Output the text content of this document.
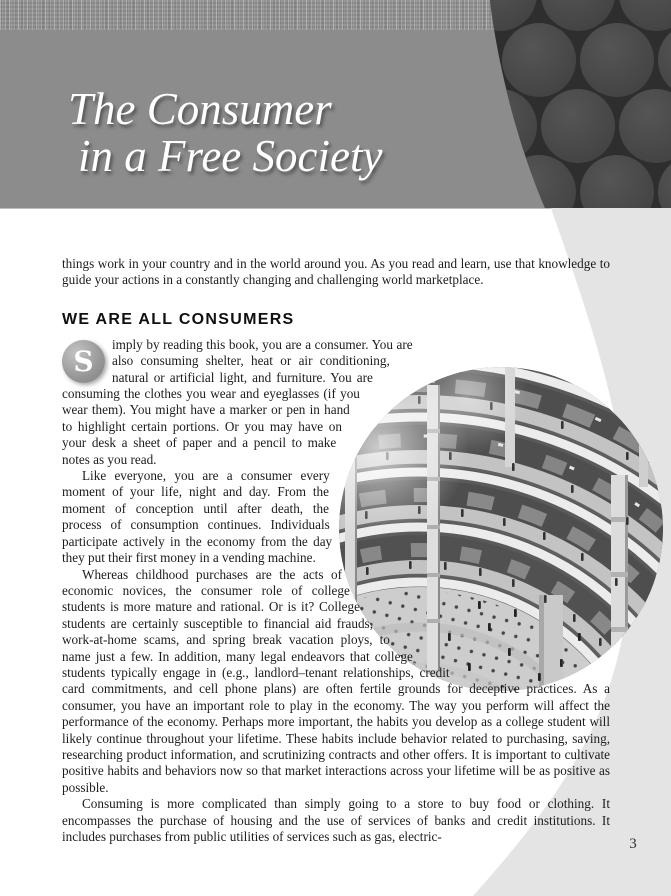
The Consumer
in a Free Society

things work in your country and in the world around you. As you read and learn, use that knowledge to guide your actions in a constantly changing and challenging world marketplace.

WE ARE ALL CONSUMERS

S
imply by reading this book, you are a consumer. You are also consuming shelter, heat or air conditioning, natural or artificial light, and furniture. You are consuming the clothes you wear and eyeglasses (if you wear them). You might have a marker or pen in hand to highlight certain portions. Or you may have on your desk a sheet of paper and a pencil to make notes as you read.

Like everyone, you are a consumer every moment of your life, night and day. From the moment of conception until after death, the process of consumption continues. Individuals participate actively in the economy from the day they put their first money in a vending machine.

Whereas childhood purchases are the acts of economic novices, the consumer role of college students is more mature and rational. Or is it? College students are certainly susceptible to financial aid frauds, work-at-home scams, and spring break vacation ploys, to name just a few. In addition, many legal endeavors that college students typically engage in (e.g., landlord–tenant relationships, credit card commitments, and cell phone plans) are often fertile grounds for deceptive practices. As a consumer, you have an important role to play in the economy. The way you perform will affect the performance of the economy. Perhaps more important, the habits you develop as a college student will likely continue throughout your lifetime. These habits include behavior related to purchasing, saving, researching product information, and scrutinizing contracts and other offers. It is important to cultivate positive habits and behaviors now so that market interactions across your lifetime will be as positive as possible.

Consuming is more complicated than simply going to a store to buy food or clothing. It encompasses the purchase of housing and the use of services of banks and credit institutions. It includes purchases from public utilities of services such as gas, electric-	3
